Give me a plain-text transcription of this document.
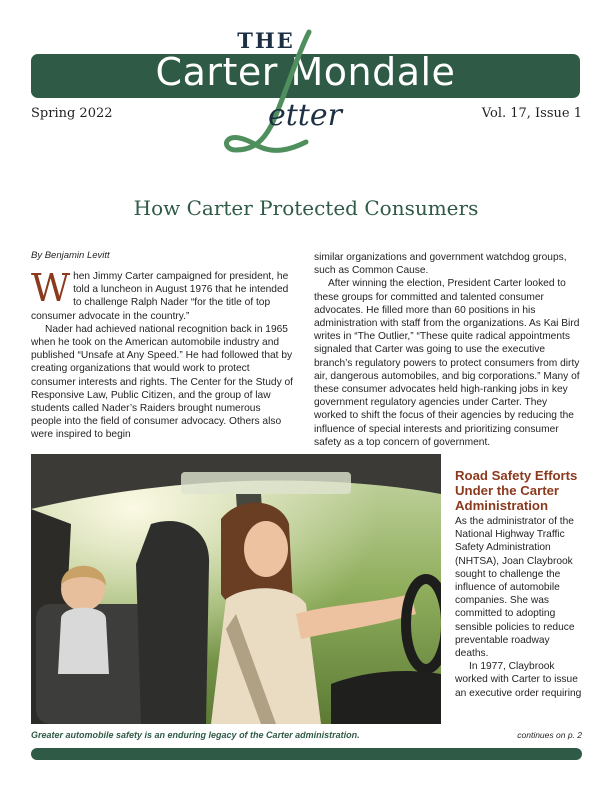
THE
Carter Mondale
etter
Spring 2022	Vol. 17, Issue 1
How Carter Protected Consumers
By Benjamin Levitt

When Jimmy Carter campaigned for president, he told a luncheon in August 1976 that he intended to challenge Ralph Nader “for the title of top consumer advocate in the country.”

Nader had achieved national recognition back in 1965 when he took on the American automobile industry and published “Unsafe at Any Speed.” He had followed that by creating organizations that would work to protect consumer interests and rights. The Center for the Study of Responsive Law, Public Citizen, and the group of law students called Nader’s Raiders brought numerous people into the field of consumer advocacy. Others also were inspired to begin

similar organizations and government watchdog groups, such as Common Cause.

After winning the election, President Carter looked to these groups for committed and talented consumer advocates. He filled more than 60 positions in his administration with staff from the organizations. As Kai Bird writes in “The Outlier,” “These quite radical appointments signaled that Carter was going to use the executive branch’s regulatory powers to protect consumers from dirty air, dangerous automobiles, and big corporations.” Many of these consumer advocates held high-ranking jobs in key government regulatory agencies under Carter. They worked to shift the focus of their agencies by reducing the influence of special interests and prioritizing consumer safety as a top concern of government.

Road Safety Efforts Under the Carter Administration

As the administrator of the National Highway Traffic Safety Administration (NHTSA), Joan Claybrook sought to challenge the influence of automobile companies. She was committed to adopting sensible policies to reduce preventable roadway deaths.

In 1977, Claybrook worked with Carter to issue an executive order requiring

Greater automobile safety is an enduring legacy of the Carter administration.	continues on p. 2
